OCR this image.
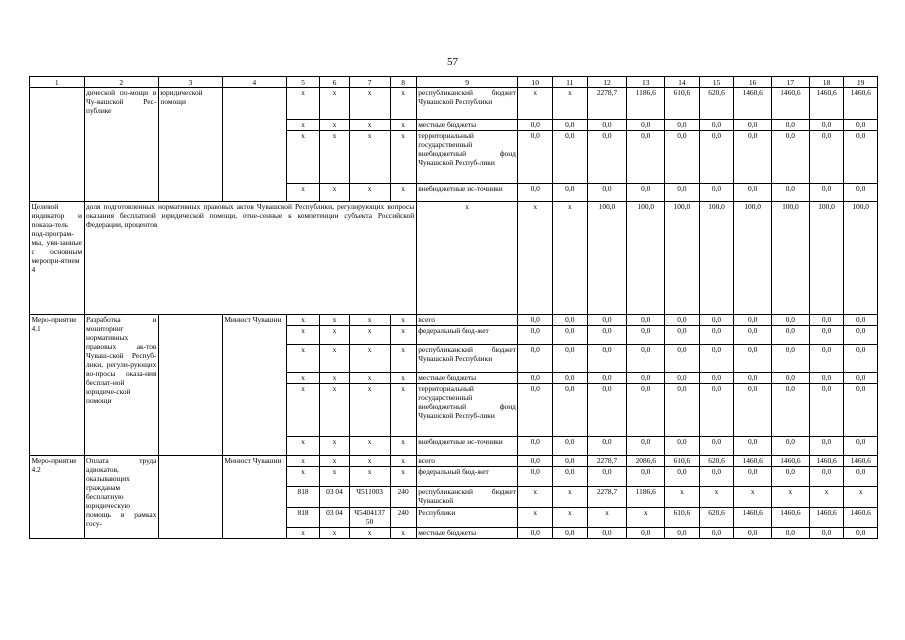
57
1	2	3	4	5	6	7	8	9	10	11	12	13	14	15	16	17	18	19
	дической по-мощи в Чу-вашской Рес-публике	юридической помощи		x	x	x	x	республиканский бюджет Чувашской Республики	x	x	2278,7	1186,6	610,6	620,6	1460,6	1460,6	1460,6	1460,6
				x	x	x	x	местные бюджеты	0,0	0,0	0,0	0,0	0,0	0,0	0,0	0,0	0,0	0,0
				x	x	x	x	территориальный государственный внебюджетный фонд Чувашской Респуб-лики	0,0	0,0	0,0	0,0	0,0	0,0	0,0	0,0	0,0	0,0
				x	x	x	x	внебюджетные ис-точники	0,0	0,0	0,0	0,0	0,0	0,0	0,0	0,0	0,0	0,0
Целевой индикатор и показа-тель под-програм-мы, увя-занные с основным меропри-ятием 4	доля подготовленных нормативных правовых актов Чувашской Республики, регулирующих вопросы оказания бесплатной юридической помощи, отне-сенные к компетенции субъекта Российской Федерации, процентов							x	x	x	100,0	100,0	100,0	100,0	100,0	100,0	100,0	100,0
Меро-приятие 4.1	Разработка и мониторинг нормативных правовых ак-тов Чуваш-ской Респуб-лики, регули-рующих во-просы оказа-ния бесплат-ной юридиче-ской помощи		Минюст Чувашии	x	x	x	x	всего	0,0	0,0	0,0	0,0	0,0	0,0	0,0	0,0	0,0	0,0
				x	x	x	x	федеральный бюд-жет	0,0	0,0	0,0	0,0	0,0	0,0	0,0	0,0	0,0	0,0
				x	x	x	x	республиканский бюджет Чувашской Республики	0,0	0,0	0,0	0,0	0,0	0,0	0,0	0,0	0,0	0,0
				x	x	x	x	местные бюджеты	0,0	0,0	0,0	0,0	0,0	0,0	0,0	0,0	0,0	0,0
				x	x	x	x	территориальный государственный внебюджетный фонд Чувашской Респуб-лики	0,0	0,0	0,0	0,0	0,0	0,0	0,0	0,0	0,0	0,0
				x	x	x	x	внебюджетные ис-точники	0,0	0,0	0,0	0,0	0,0	0,0	0,0	0,0	0,0	0,0
Меро-приятие 4.2	Оплата труда адвокатов, оказывающих гражданам бесплатную юридическую помощь в рамках госу-		Минюст Чувашии	x	x	x	x	всего	0,0	0,0	2278,7	2086,6	610,6	620,6	1460,6	1460,6	1460,6	1460,6
				x	x	x	x	федеральный бюд-жет	0,0	0,0	0,0	0,0	0,0	0,0	0,0	0,0	0,0	0,0
				818	03 04	Ч511003	240	республиканский бюджет Чувашской	x	x	2278,7	1186,6	x	x	x	x	x	x
				818	03 04	Ч5404137 50	240	Республики	x	x	x	x	610,6	620,6	1460,6	1460,6	1460,6	1460,6
				x	x	x	x	местные бюджеты	0,0	0,0	0,0	0,0	0,0	0,0	0,0	0,0	0,0	0,0
